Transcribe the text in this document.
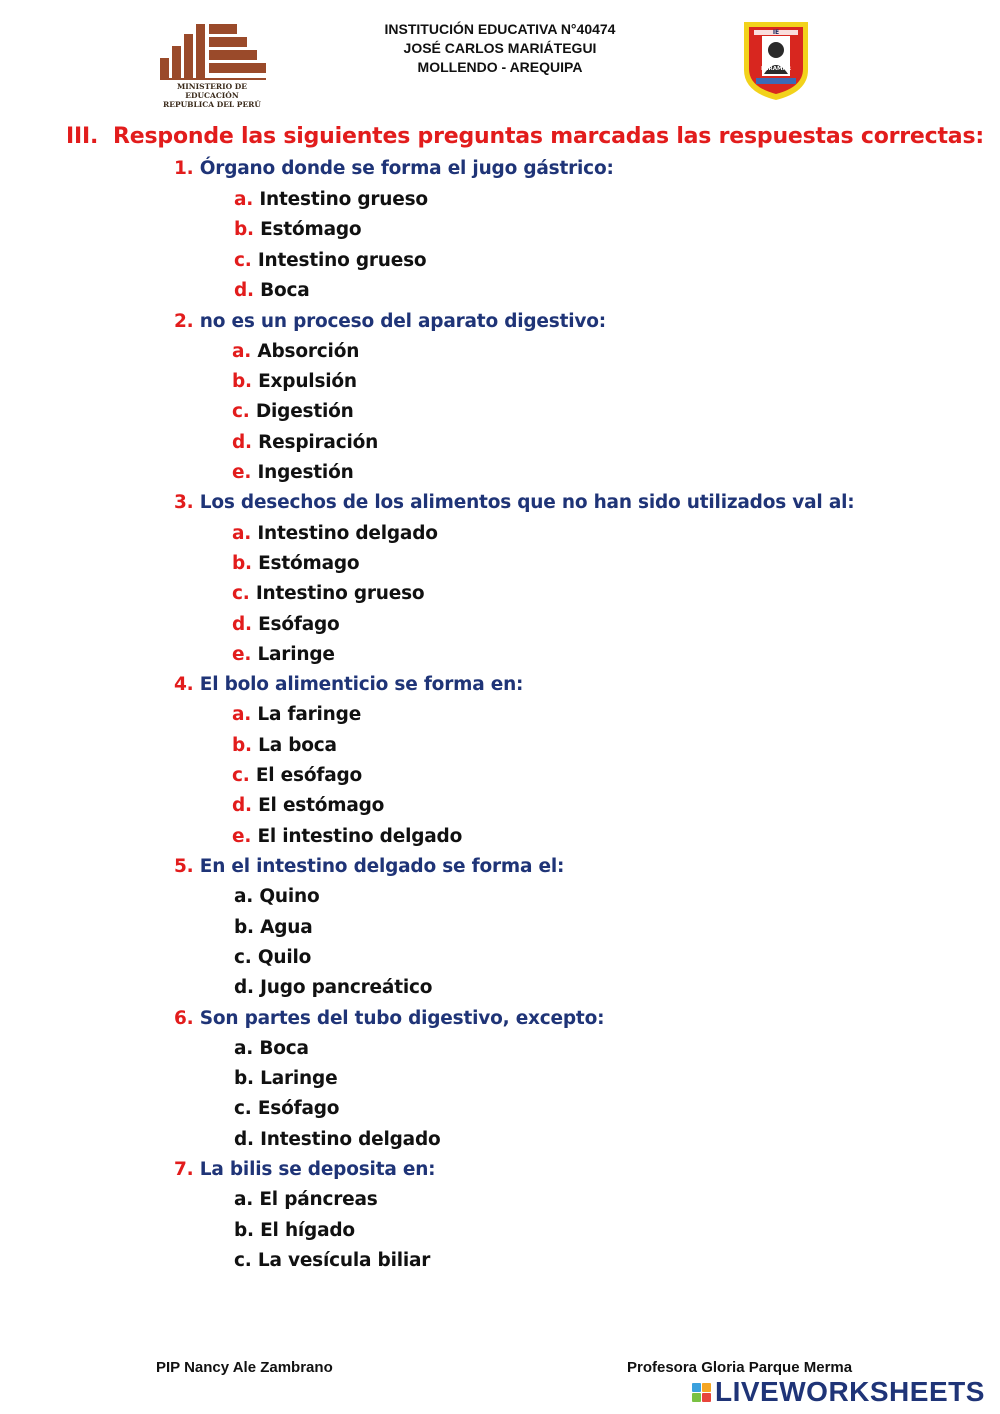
MINISTERIO DE EDUCACIÓN
REPUBLICA DEL PERÚ
INSTITUCIÓN EDUCATIVA N°40474
JOSÉ CARLOS MARIÁTEGUI
MOLLENDO - AREQUIPA
IE
MIRAMAR
III. Responde las siguientes preguntas marcadas las respuestas correctas:
1. Órgano donde se forma el jugo gástrico:
a. Intestino grueso
b. Estómago
c. Intestino grueso
d. Boca
2. no es un proceso del aparato digestivo:
a. Absorción
b. Expulsión
c. Digestión
d. Respiración
e. Ingestión
3. Los desechos de los alimentos que no han sido utilizados val al:
a. Intestino delgado
b. Estómago
c. Intestino grueso
d. Esófago
e. Laringe
4. El bolo alimenticio se forma en:
a. La faringe
b. La boca
c. El esófago
d. El estómago
e. El intestino delgado
5. En el intestino delgado se forma el:
a. Quino
b. Agua
c. Quilo
d. Jugo pancreático
6. Son partes del tubo digestivo, excepto:
a. Boca
b. Laringe
c. Esófago
d. Intestino delgado
7. La bilis se deposita en:
a. El páncreas
b. El hígado
c. La vesícula biliar
PIP Nancy Ale Zambrano	Profesora Gloria Parque Merma
LIVEWORKSHEETS
